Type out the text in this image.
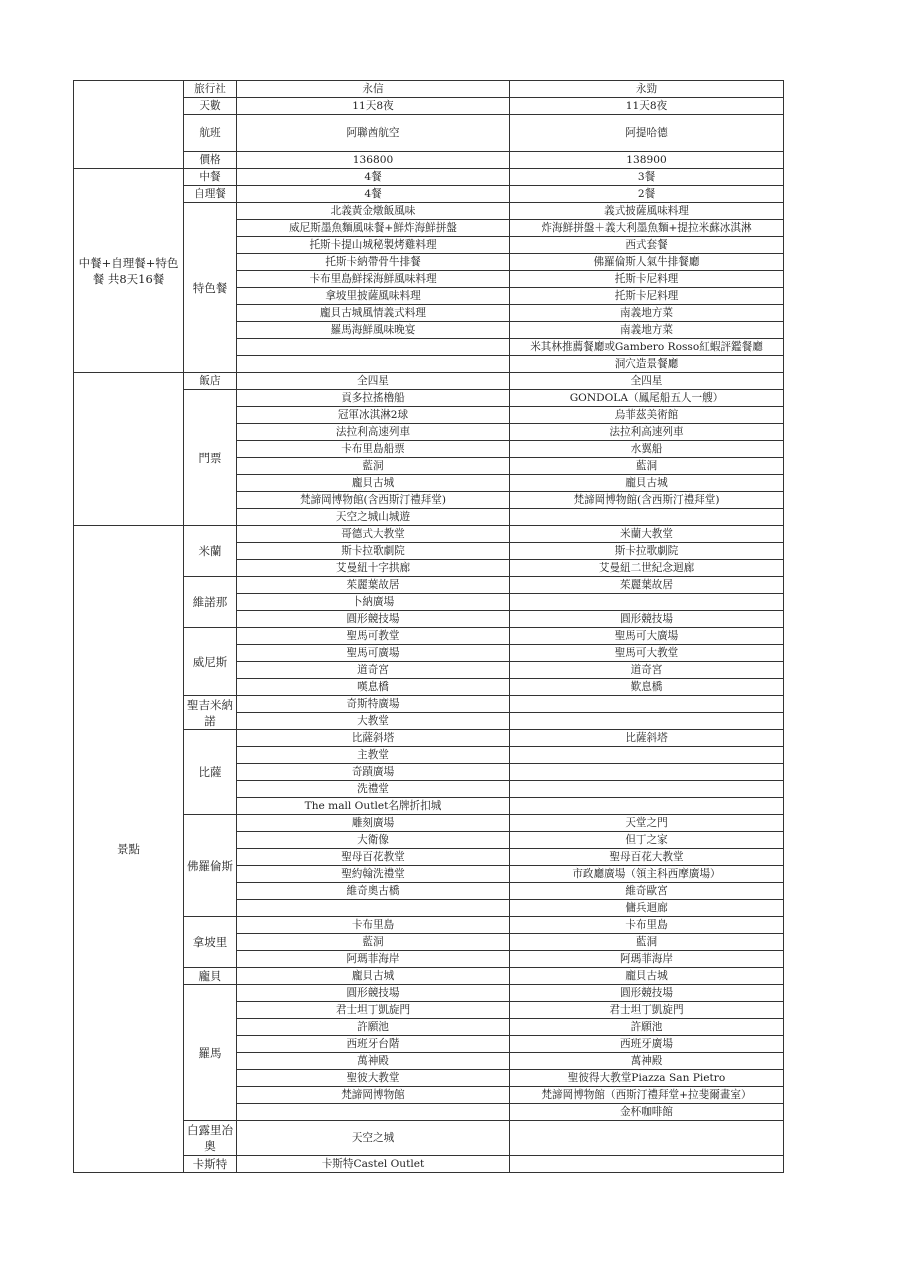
	旅行社	永信	永勁
	天數	11天8夜	11天8夜
	航班	阿聯酋航空	阿提哈德
	價格	136800	138900
中餐+自理餐+特色餐 共8天16餐	中餐	4餐	3餐
	自理餐	4餐	2餐
	特色餐	北義黃金燉飯風味	義式披薩風味料理
		威尼斯墨魚麵風味餐+鮮炸海鮮拼盤	炸海鮮拼盤＋義大利墨魚麵+提拉米蘇冰淇淋
		托斯卡提山城秘製烤雞料理	西式套餐
		托斯卡納帶骨牛排餐	佛羅倫斯人氣牛排餐廳
		卡布里島鮮採海鮮風味料理	托斯卡尼料理
		拿坡里披薩風味料理	托斯卡尼料理
		龐貝古城風情義式料理	南義地方菜
		羅馬海鮮風味晚宴	南義地方菜
			米其林推薦餐廳或Gambero Rosso紅蝦評鑑餐廳
			洞穴造景餐廳
	飯店	全四星	全四星
	門票	貢多拉搖櫓船	GONDOLA（鳳尾船五人一艘）
		冠軍冰淇淋2球	烏菲茲美術館
		法拉利高速列車	法拉利高速列車
		卡布里島船票	水翼船
		藍洞	藍洞
		龐貝古城	龐貝古城
		梵諦岡博物館(含西斯汀禮拜堂)	梵諦岡博物館(含西斯汀禮拜堂)
		天空之城山城遊	
景點	米蘭	哥德式大教堂	米蘭大教堂
		斯卡拉歌劇院	斯卡拉歌劇院
		艾曼紐十字拱廊	艾曼紐二世紀念迴廊
	維諾那	茱麗葉故居	茱麗葉故居
		卜納廣場	
		圓形競技場	圓形競技場
	威尼斯	聖馬可教堂	聖馬可大廣場
		聖馬可廣場	聖馬可大教堂
		道奇宮	道奇宮
		嘆息橋	歎息橋
	聖吉米納諾	奇斯特廣場	
		大教堂	
	比薩	比薩斜塔	比薩斜塔
		主教堂	
		奇蹟廣場	
		洗禮堂	
		The mall Outlet名牌折扣城	
	佛羅倫斯	雕刻廣場	天堂之門
		大衛像	但丁之家
		聖母百花教堂	聖母百花大教堂
		聖約翰洗禮堂	市政廳廣場（領主科西摩廣場）
		維奇奧古橋	維奇歐宮
			傭兵迴廊
	拿坡里	卡布里島	卡布里島
		藍洞	藍洞
		阿瑪菲海岸	阿瑪菲海岸
	龐貝	龐貝古城	龐貝古城
	羅馬	圓形競技場	圓形競技場
		君士坦丁凱旋門	君士坦丁凱旋門
		許願池	許願池
		西班牙台階	西班牙廣場
		萬神殿	萬神殿
		聖彼大教堂	聖彼得大教堂Piazza San Pietro
		梵諦岡博物館	梵諦岡博物館（西斯汀禮拜堂+拉斐爾畫室）
			金杯咖啡館
	白露里冶奧	天空之城	
	卡斯特	卡斯特Castel Outlet	
